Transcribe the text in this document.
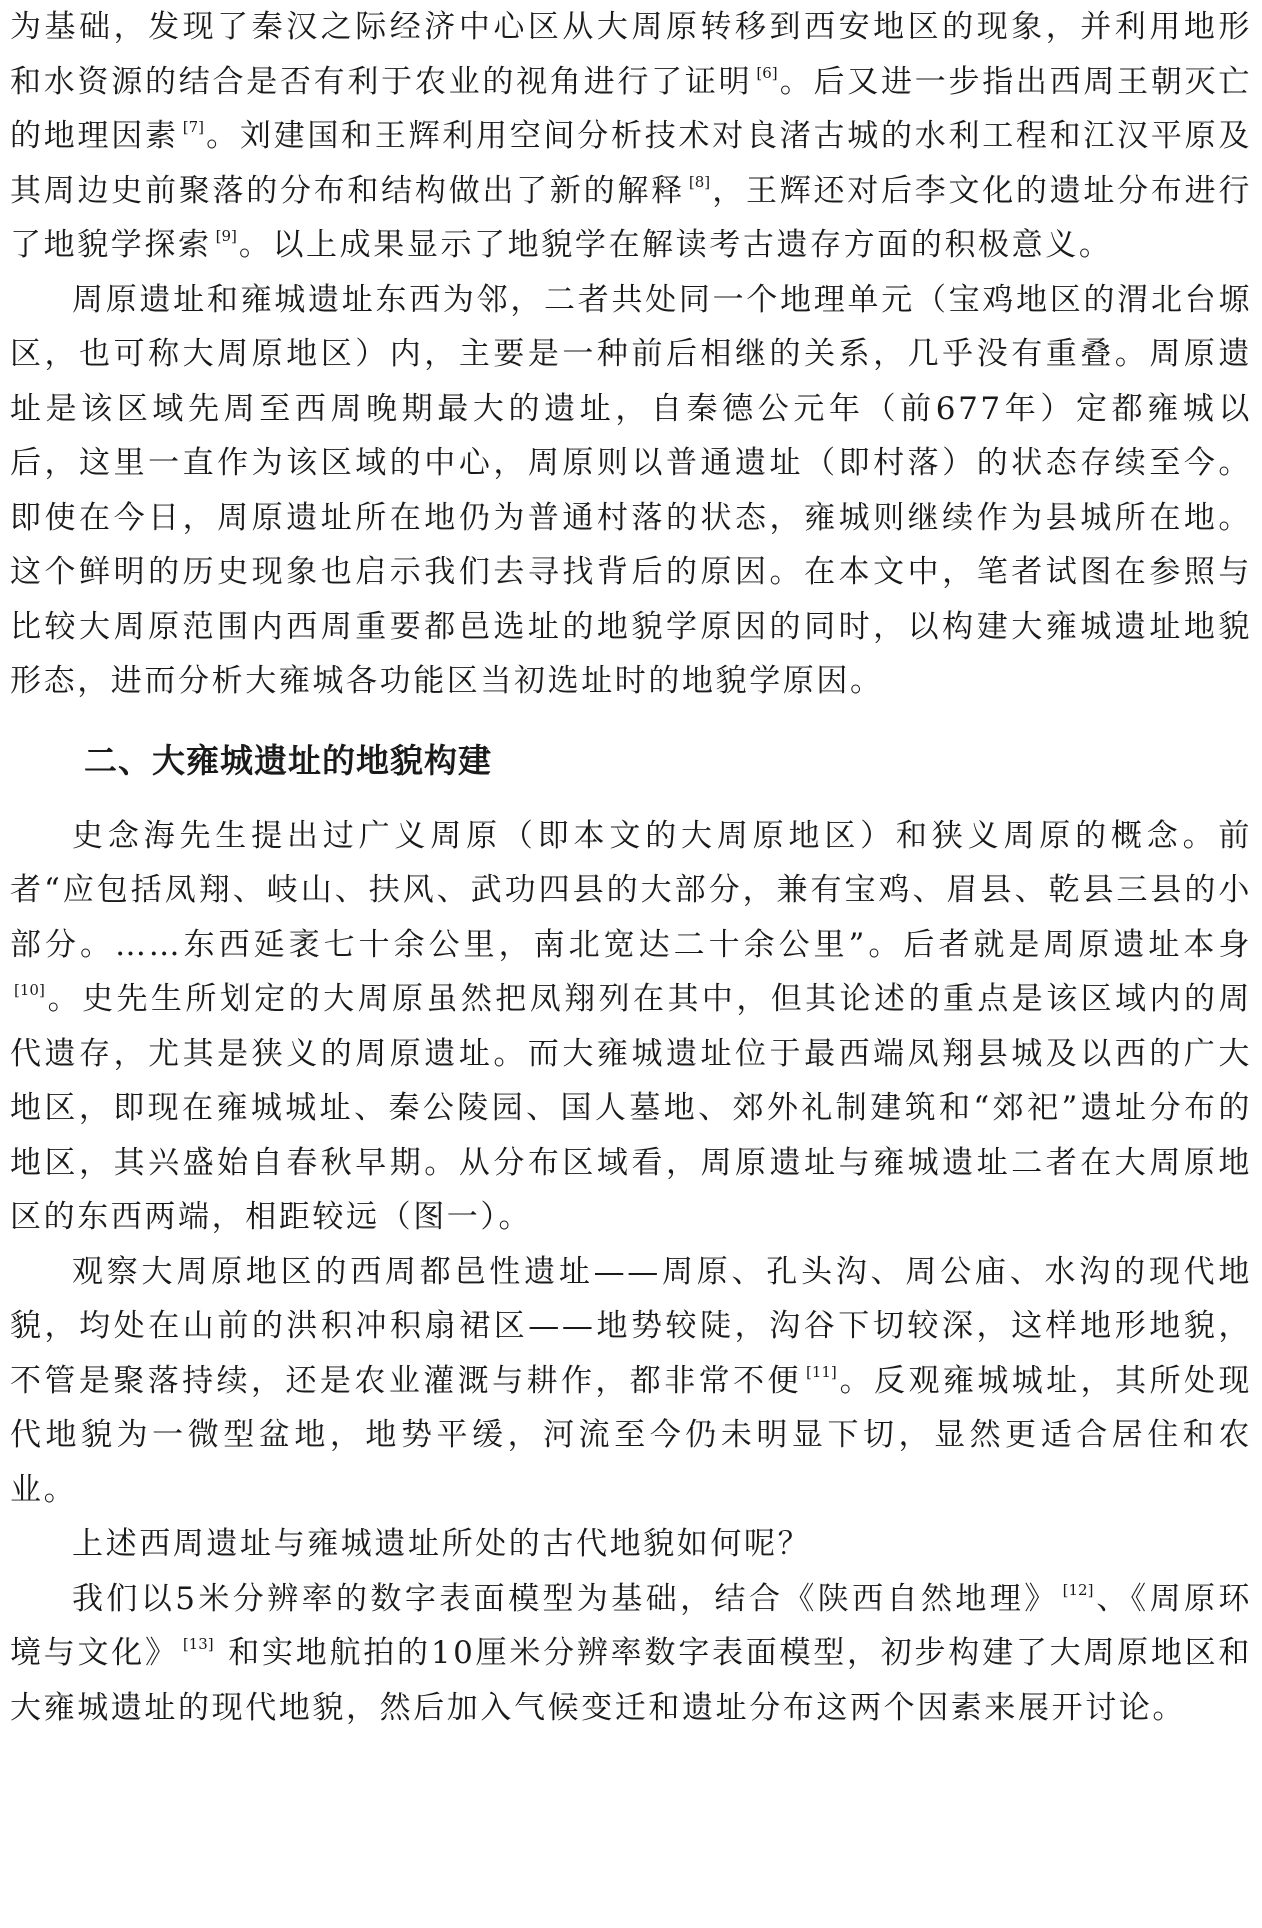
为基础，发现了秦汉之际经济中心区从大周原转移到西安地区的现象，并利用地形和水资源的结合是否有利于农业的视角进行了证明 [6]。后又进一步指出西周王朝灭亡的地理因素 [7]。刘建国和王辉利用空间分析技术对良渚古城的水利工程和江汉平原及其周边史前聚落的分布和结构做出了新的解释 [8]，王辉还对后李文化的遗址分布进行了地貌学探索 [9]。以上成果显示了地貌学在解读考古遗存方面的积极意义。

周原遗址和雍城遗址东西为邻，二者共处同一个地理单元（宝鸡地区的渭北台塬区，也可称大周原地区）内，主要是一种前后相继的关系，几乎没有重叠。周原遗址是该区域先周至西周晚期最大的遗址，自秦德公元年（前677年）定都雍城以后，这里一直作为该区域的中心，周原则以普通遗址（即村落）的状态存续至今。即使在今日，周原遗址所在地仍为普通村落的状态，雍城则继续作为县城所在地。这个鲜明的历史现象也启示我们去寻找背后的原因。在本文中，笔者试图在参照与比较大周原范围内西周重要都邑选址的地貌学原因的同时，以构建大雍城遗址地貌形态，进而分析大雍城各功能区当初选址时的地貌学原因。

二、大雍城遗址的地貌构建

史念海先生提出过广义周原（即本文的大周原地区）和狭义周原的概念。前者“应包括凤翔、岐山、扶风、武功四县的大部分，兼有宝鸡、眉县、乾县三县的小部分。……东西延袤七十余公里，南北宽达二十余公里”。后者就是周原遗址本身[10]。史先生所划定的大周原虽然把凤翔列在其中，但其论述的重点是该区域内的周代遗存，尤其是狭义的周原遗址。而大雍城遗址位于最西端凤翔县城及以西的广大地区，即现在雍城城址、秦公陵园、国人墓地、郊外礼制建筑和“郊祀”遗址分布的地区，其兴盛始自春秋早期。从分布区域看，周原遗址与雍城遗址二者在大周原地区的东西两端，相距较远（图一）。

观察大周原地区的西周都邑性遗址——周原、孔头沟、周公庙、水沟的现代地貌，均处在山前的洪积冲积扇裙区——地势较陡，沟谷下切较深，这样地形地貌，不管是聚落持续，还是农业灌溉与耕作，都非常不便 [11]。反观雍城城址，其所处现代地貌为一微型盆地，地势平缓，河流至今仍未明显下切，显然更适合居住和农业。

上述西周遗址与雍城遗址所处的古代地貌如何呢？

我们以5米分辨率的数字表面模型为基础，结合《陕西自然地理》 [12]、《周原环境与文化》 [13] 和实地航拍的10厘米分辨率数字表面模型，初步构建了大周原地区和大雍城遗址的现代地貌，然后加入气候变迁和遗址分布这两个因素来展开讨论。
